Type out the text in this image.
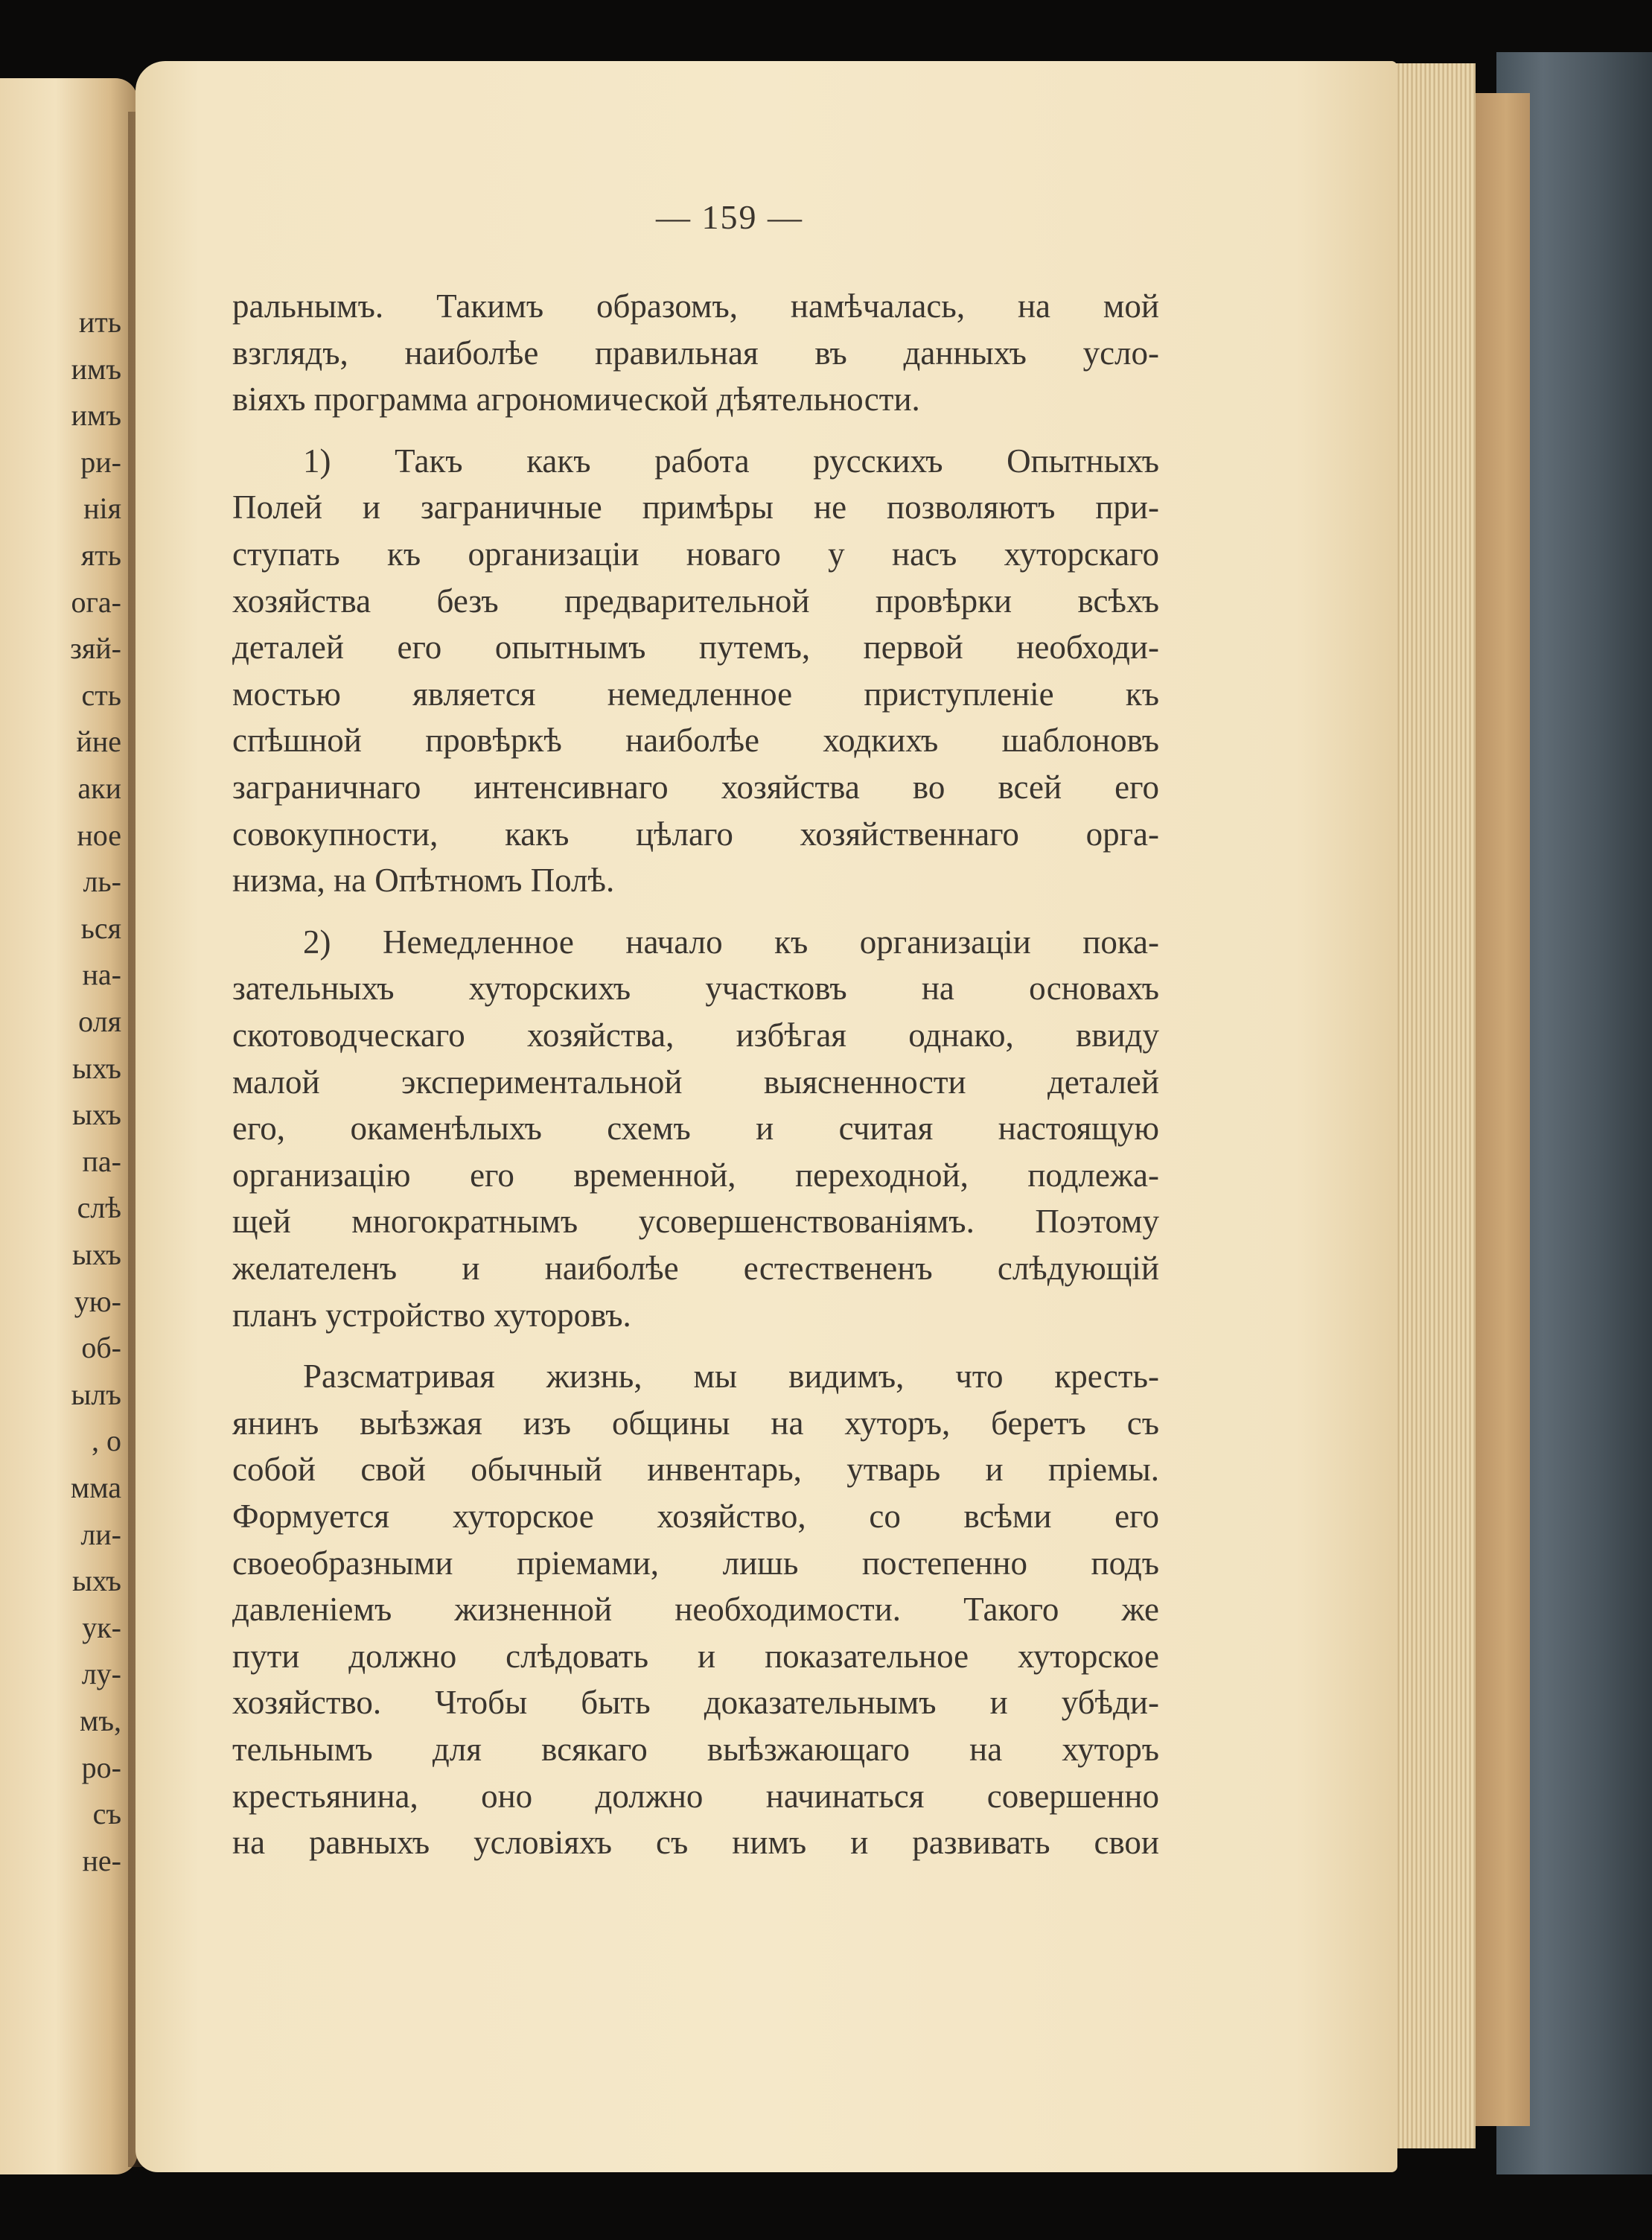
ить
имъ
имъ
ри-
нія
ять
ога-
зяй-
сть
йне
аки
ное
ль-
ься
на-
оля
ыхъ
ыхъ
па-
слѣ
ыхъ
ую-
об-
ылъ
, о
мма
ли-
ыхъ
ук-
лу-
мъ,
ро-
съ
не-
— 159 —
ральнымъ. Такимъ образомъ, намѣчалась, на мой
взглядъ, наиболѣе правильная въ данныхъ усло-
віяхъ программа агрономической дѣятельности.
1) Такъ какъ работа русскихъ Опытныхъ
Полей и заграничные примѣры не позволяютъ при-
ступать къ организаціи новаго у насъ хуторскаго
хозяйства безъ предварительной провѣрки всѣхъ
деталей его опытнымъ путемъ, первой необходи-
мостью является немедленное приступленіе къ
спѣшной провѣркѣ наиболѣе ходкихъ шаблоновъ
заграничнаго интенсивнаго хозяйства во всей его
совокупности, какъ цѣлаго хозяйственнаго орга-
низма, на Опѣтномъ Полѣ.
2) Немедленное начало къ организаціи пока-
зательныхъ хуторскихъ участковъ на основахъ
скотоводческаго хозяйства, избѣгая однако, ввиду
малой экспериментальной выясненности деталей
его, окаменѣлыхъ схемъ и считая настоящую
организацію его временной, переходной, подлежа-
щей многократнымъ усовершенствованіямъ. Поэтому
желателенъ и наиболѣе естествененъ слѣдующій
планъ устройство хуторовъ.
Разсматривая жизнь, мы видимъ, что кресть-
янинъ выѣзжая изъ общины на хуторъ, беретъ съ
собой свой обычный инвентарь, утварь и пріемы.
Формуется хуторское хозяйство, со всѣми его
своеобразными пріемами, лишь постепенно подъ
давленіемъ жизненной необходимости. Такого же
пути должно слѣдовать и показательное хуторское
хозяйство. Чтобы быть доказательнымъ и убѣди-
тельнымъ для всякаго выѣзжающаго на хуторъ
крестьянина, оно должно начинаться совершенно
на равныхъ условіяхъ съ нимъ и развивать свои
